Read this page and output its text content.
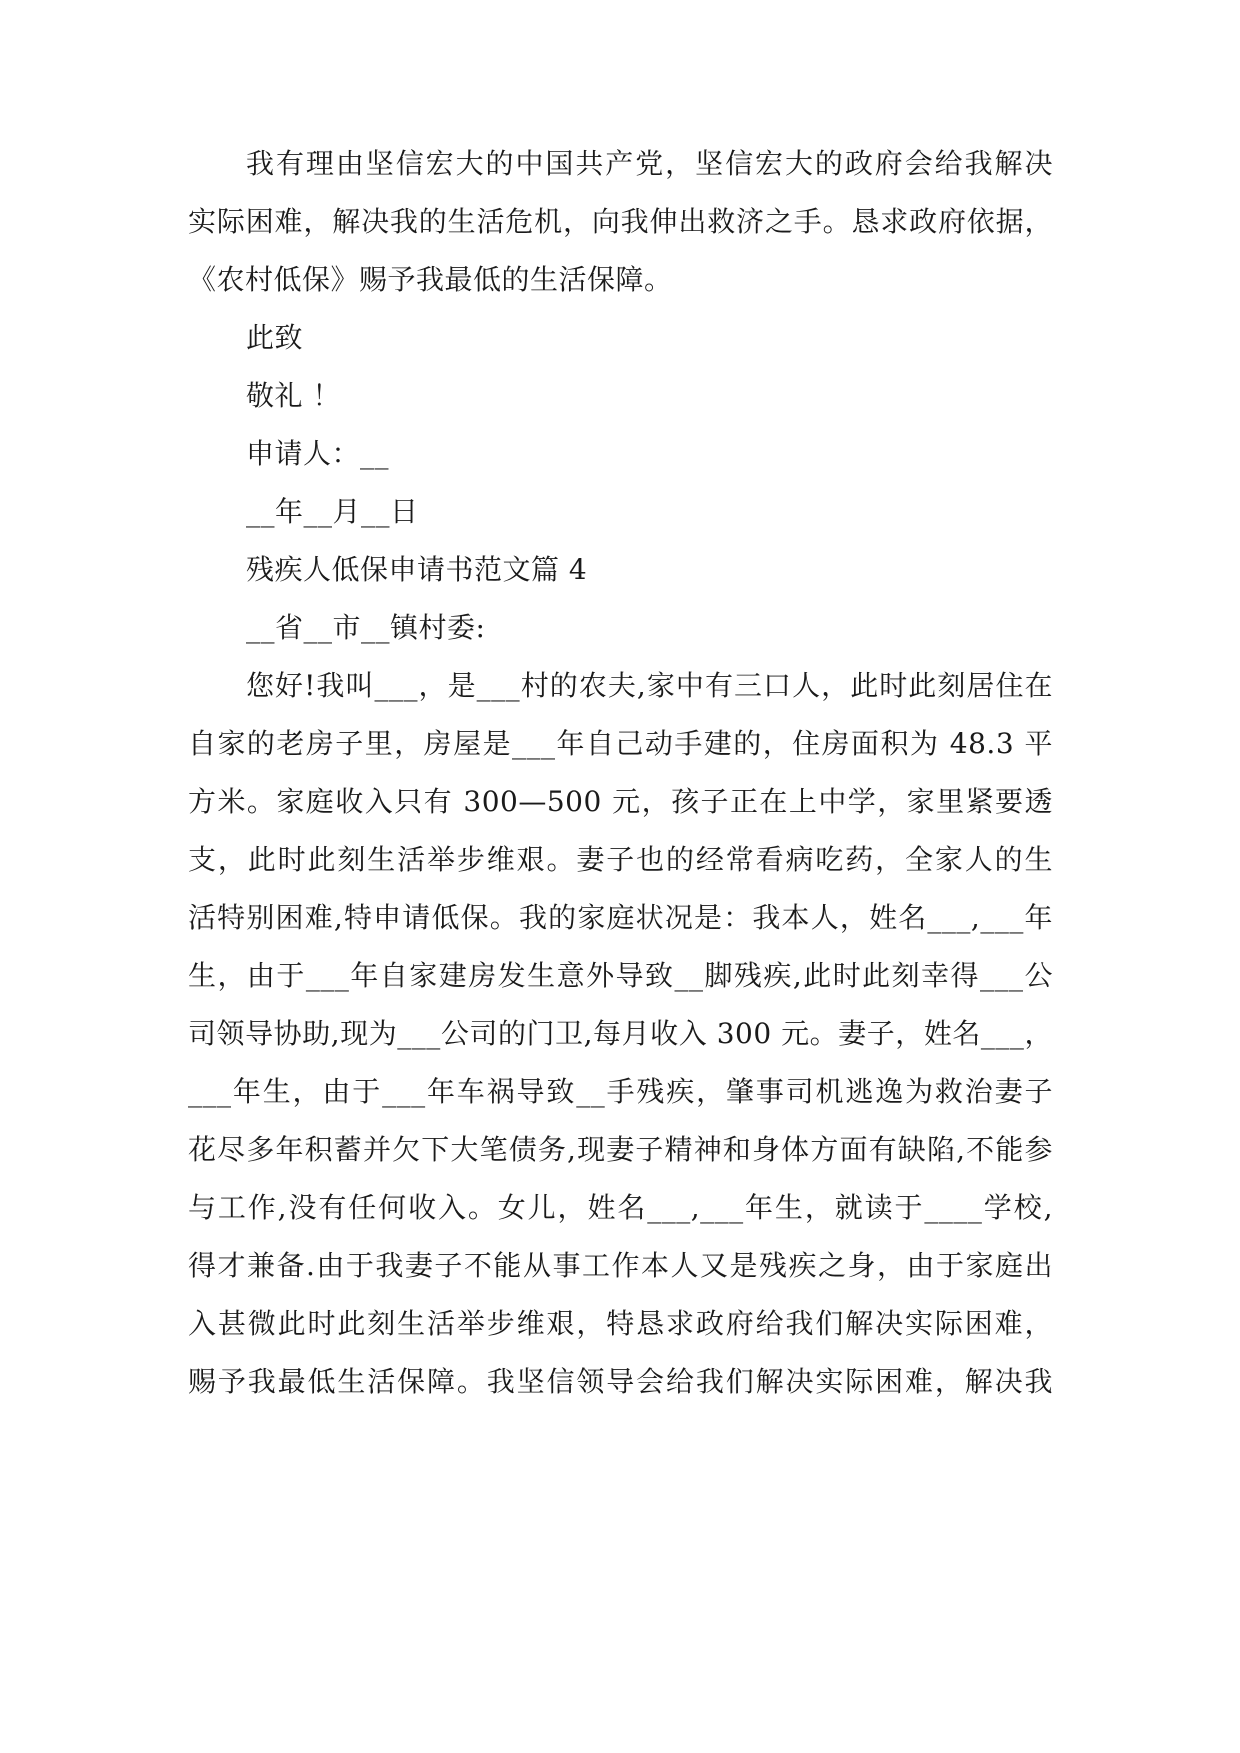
我有理由坚信宏大的中国共产党，坚信宏大的政府会给我解决
实际困难，解决我的生活危机，向我伸出救济之手。恳求政府依据，
《农村低保》赐予我最低的生活保障。
此致
敬礼 ！
申请人：__
__年__月__日
残疾人低保申请书范文篇 4
__省__市__镇村委:
您好!我叫___，是___村的农夫,家中有三口人，此时此刻居住在
自家的老房子里，房屋是___年自己动手建的，住房面积为 48.3 平
方米。家庭收入只有 300—500 元，孩子正在上中学，家里紧要透
支，此时此刻生活举步维艰。妻子也的经常看病吃药，全家人的生
活特别困难,特申请低保。我的家庭状况是：我本人，姓名___,___年
生，由于___年自家建房发生意外导致__脚残疾,此时此刻幸得___公
司领导协助,现为___公司的门卫,每月收入 300 元。妻子，姓名___，
___年生，由于___年车祸导致__手残疾，肇事司机逃逸为救治妻子
花尽多年积蓄并欠下大笔债务,现妻子精神和身体方面有缺陷,不能参
与工作,没有任何收入。女儿，姓名___,___年生，就读于____学校,
得才兼备.由于我妻子不能从事工作本人又是残疾之身，由于家庭出
入甚微此时此刻生活举步维艰，特恳求政府给我们解决实际困难，
赐予我最低生活保障。我坚信领导会给我们解决实际困难，解决我
